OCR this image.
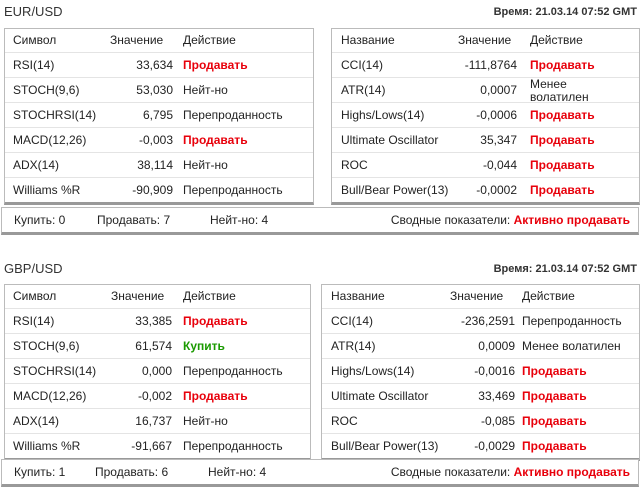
EUR/USD	Время: 21.03.14 07:52 GMT
Символ	Значение Действие
RSI(14)	33,634 Продавать
STOCH(9,6)	53,030 Нейт-но
STOCHRSI(14)	6,795 Перепроданность
MACD(12,26)	-0,003 Продавать
ADX(14)	38,114 Нейт-но
Williams %R	-90,909 Перепроданность
Название	Значение Действие
CCI(14)	-111,8764 Продавать
ATR(14)	0,0007 Менее волатилен
Highs/Lows(14)	-0,0006 Продавать
Ultimate Oscillator	35,347 Продавать
ROC	-0,044 Продавать
Bull/Bear Power(13) -0,0002 Продавать
Купить: 0	Продавать: 7	Нейт-но: 4	Сводные показатели: Активно продавать
GBP/USD	Время: 21.03.14 07:52 GMT
Символ	Значение Действие
RSI(14)	33,385 Продавать
STOCH(9,6)	61,574 Купить
STOCHRSI(14)	0,000 Перепроданность
MACD(12,26)	-0,002 Продавать
ADX(14)	16,737 Нейт-но
Williams %R	-91,667 Перепроданность
Название	Значение Действие
CCI(14)	-236,2591 Перепроданность
ATR(14)	0,0009 Менее волатилен
Highs/Lows(14)	-0,0016 Продавать
Ultimate Oscillator	33,469 Продавать
ROC	-0,085 Продавать
Bull/Bear Power(13)	-0,0029 Продавать
Купить: 1 Продавать: 6	Нейт-но: 4	Сводные показатели: Активно продавать
